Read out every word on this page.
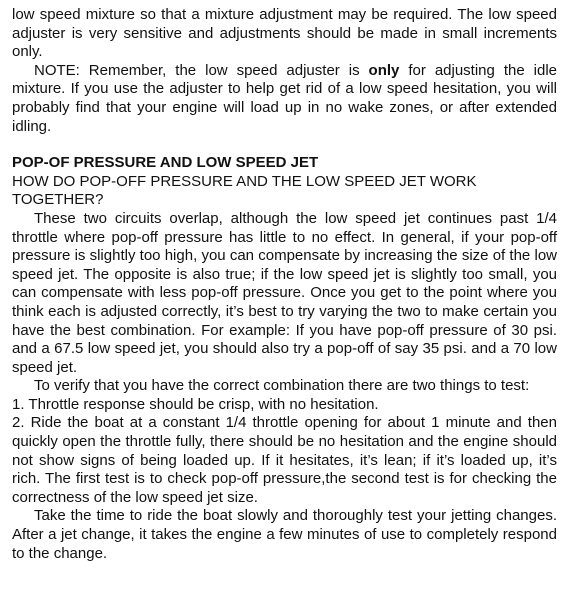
low speed mixture so that a mixture adjustment may be required. The low speed adjuster is very sensitive and adjustments should be made in small increments only.

NOTE: Remember, the low speed adjuster is only for adjusting the idle mixture. If you use the adjuster to help get rid of a low speed hesitation, you will probably find that your engine will load up in no wake zones, or after extended idling.

POP-OF PRESSURE AND LOW SPEED JET

HOW DO POP-OFF PRESSURE AND THE LOW SPEED JET WORK TOGETHER?

These two circuits overlap, although the low speed jet continues past 1/4 throttle where pop-off pressure has little to no effect. In general, if your pop-off pressure is slightly too high, you can compensate by increasing the size of the low speed jet. The opposite is also true; if the low speed jet is slightly too small, you can compensate with less pop-off pressure. Once you get to the point where you think each is adjusted correctly, it’s best to try varying the two to make certain you have the best combination. For example: If you have pop-off pressure of 30 psi. and a 67.5 low speed jet, you should also try a pop-off of say 35 psi. and a 70 low speed jet.

To verify that you have the correct combination there are two things to test:

1. Throttle response should be crisp, with no hesitation.

2. Ride the boat at a constant 1/4 throttle opening for about 1 minute and then quickly open the throttle fully, there should be no hesitation and the engine should not show signs of being loaded up. If it hesitates, it’s lean; if it’s loaded up, it’s rich. The first test is to check pop-off pressure,the second test is for checking the correctness of the low speed jet size.

Take the time to ride the boat slowly and thoroughly test your jetting changes. After a jet change, it takes the engine a few minutes of use to completely respond to the change.
